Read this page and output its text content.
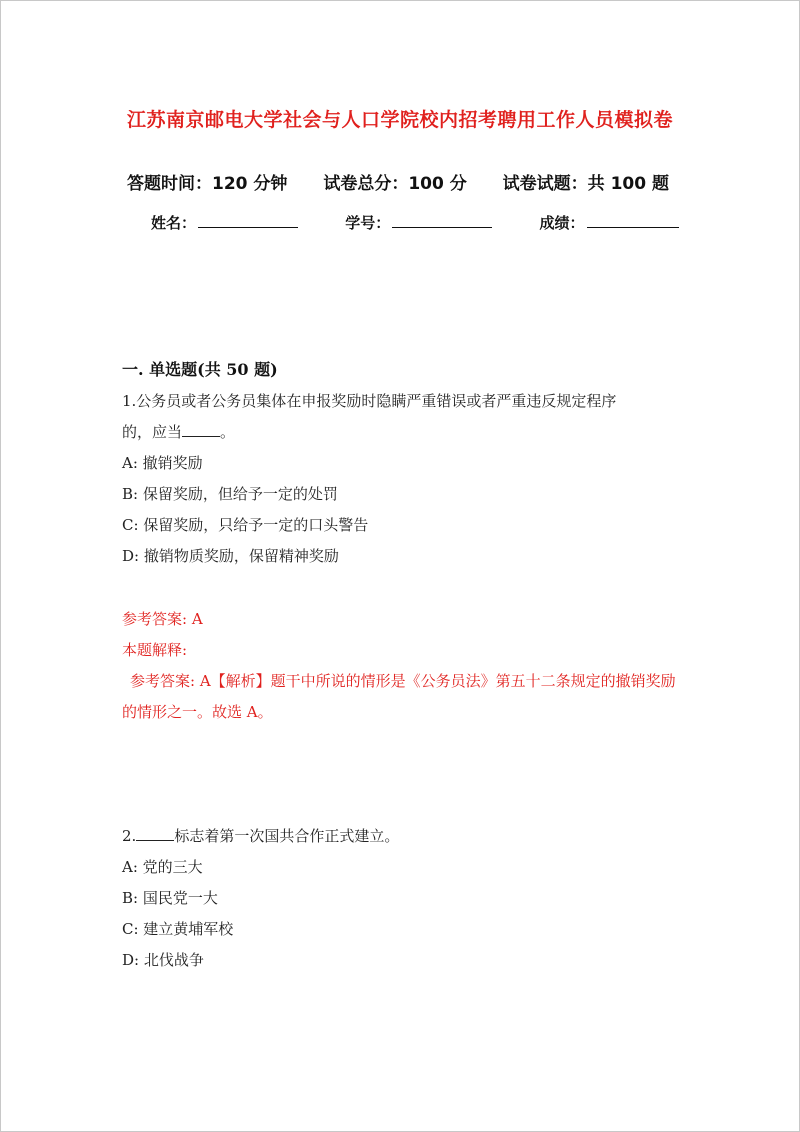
江苏南京邮电大学社会与人口学院校内招考聘用工作人员模拟卷
答题时间：120 分钟 试卷总分：100 分 试卷试题：共 100 题
姓名：	学号：	成绩：
一. 单选题(共 50 题)

1.公务员或者公务员集体在申报奖励时隐瞒严重错误或者严重违反规定程序

的，应当	。

A: 撤销奖励

B: 保留奖励，但给予一定的处罚

C: 保留奖励，只给予一定的口头警告

D: 撤销物质奖励，保留精神奖励

参考答案: A

本题解释:

参考答案: A【解析】题干中所说的情形是《公务员法》第五十二条规定的撤销奖励的情形之一。故选 A。

2.	标志着第一次国共合作正式建立。

A: 党的三大

B: 国民党一大

C: 建立黄埔军校

D: 北伐战争
